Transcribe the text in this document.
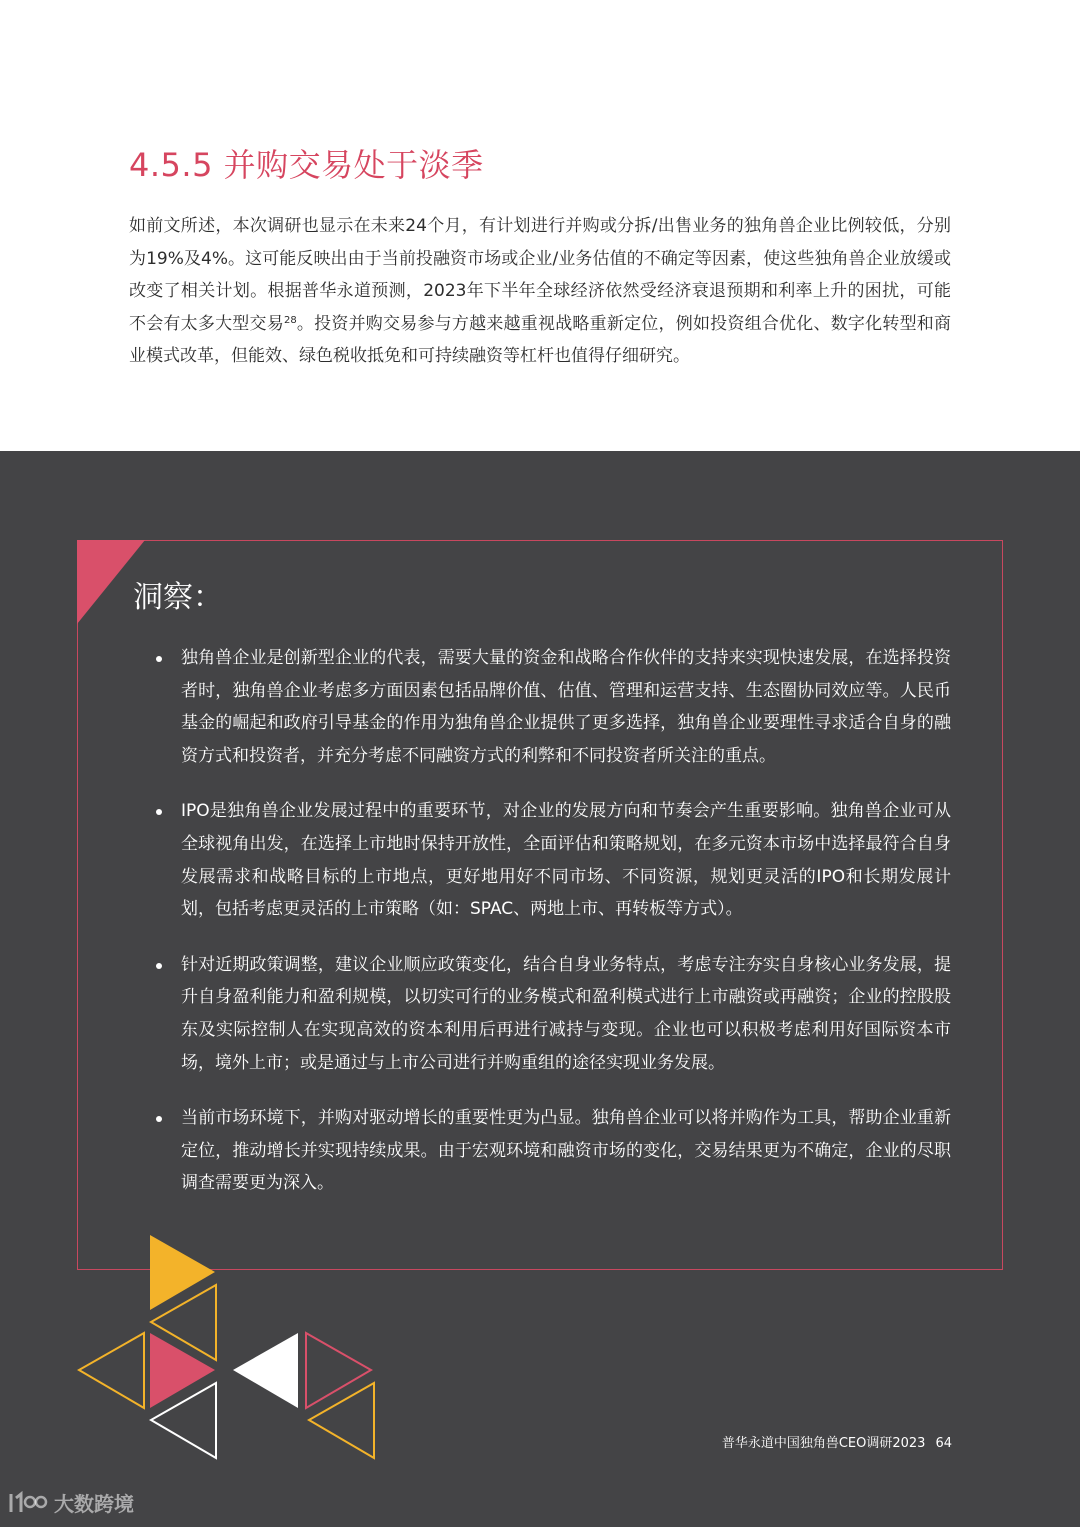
4.5.5 并购交易处于淡季

如前文所述，本次调研也显示在未来24个月，有计划进行并购或分拆/出售业务的独角兽企业比例较低，分别为19%及4%。这可能反映出由于当前投融资市场或企业/业务估值的不确定等因素，使这些独角兽企业放缓或改变了相关计划。根据普华永道预测，2023年下半年全球经济依然受经济衰退预期和利率上升的困扰，可能不会有太多大型交易$^{28}$。投资并购交易参与方越来越重视战略重新定位，例如投资组合优化、数字化转型和商业模式改革，但能效、绿色税收抵免和可持续融资等杠杆也值得仔细研究。

洞察：
独角兽企业是创新型企业的代表，需要大量的资金和战略合作伙伴的支持来实现快速发展，在选择投资者时，独角兽企业考虑多方面因素包括品牌价值、估值、管理和运营支持、生态圈协同效应等。人民币基金的崛起和政府引导基金的作用为独角兽企业提供了更多选择，独角兽企业要理性寻求适合自身的融资方式和投资者，并充分考虑不同融资方式的利弊和不同投资者所关注的重点。
IPO是独角兽企业发展过程中的重要环节，对企业的发展方向和节奏会产生重要影响。独角兽企业可从全球视角出发，在选择上市地时保持开放性，全面评估和策略规划，在多元资本市场中选择最符合自身发展需求和战略目标的上市地点，更好地用好不同市场、不同资源，规划更灵活的IPO和长期发展计划，包括考虑更灵活的上市策略（如：SPAC、两地上市、再转板等方式）。
针对近期政策调整，建议企业顺应政策变化，结合自身业务特点，考虑专注夯实自身核心业务发展，提升自身盈利能力和盈利规模，以切实可行的业务模式和盈利模式进行上市融资或再融资；企业的控股股东及实际控制人在实现高效的资本利用后再进行减持与变现。企业也可以积极考虑利用好国际资本市场，境外上市；或是通过与上市公司进行并购重组的途径实现业务发展。
当前市场环境下，并购对驱动增长的重要性更为凸显。独角兽企业可以将并购作为工具，帮助企业重新定位，推动增长并实现持续成果。由于宏观环境和融资市场的变化，交易结果更为不确定，企业的尽职调查需要更为深入。
普华永道中国独角兽CEO调研2023 64
大数跨境
